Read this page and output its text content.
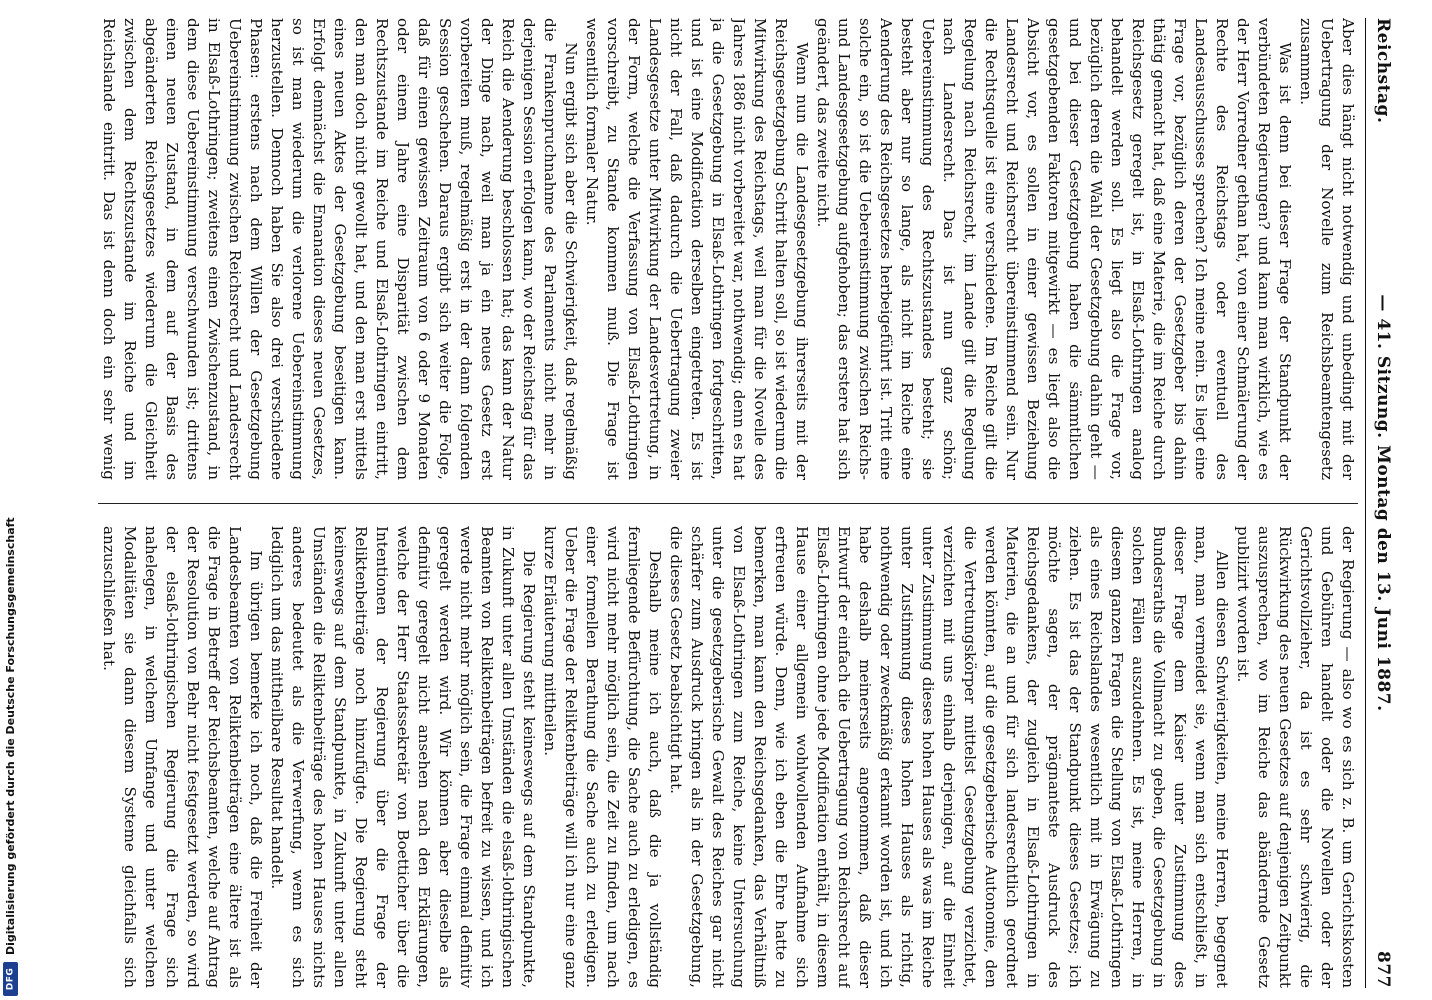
Reichstag.
— 41. Sitzung. Montag den 13. Juni 1887.
877

Aber dies hängt nicht notwendig und unbedingt mit der Uebertragung der Novelle zum Reichsbeamtengesetz zusammen.

Was ist denn bei dieser Frage der Standpunkt der verbündeten Regierungen? und kann man wirklich, wie es der Herr Vorredner gethan hat, von einer Schmälerung der Rechte des Reichstags oder eventuell des Landesausschusses sprechen? Ich meine nein. Es liegt eine Frage vor, bezüglich deren der Gesetzgeber bis dahin thätig gemacht hat, daß eine Materie, die im Reiche durch Reichsgesetz geregelt ist, in Elsaß-Lothringen analog behandelt werden soll. Es liegt also die Frage vor, bezüglich deren die Wahl der Gesetzgebung dahin geht — und bei dieser Gesetzgebung haben die sämmtlichen gesetzgebenden Faktoren mitgewirkt — es liegt also die Absicht vor, es sollen in einer gewissen Beziehung Landesrecht und Reichsrecht übereinstimmend sein. Nur die Rechtsquelle ist eine verschiedene. Im Reiche gilt die Regelung nach Reichsrecht, im Lande gilt die Regelung nach Landesrecht. Das ist nun ganz schön; Uebereinstimmung des Rechtszustandes besteht; sie besteht aber nur so lange, als nicht im Reiche eine Aenderung des Reichsgesetzes herbeigeführt ist. Tritt eine solche ein, so ist die Uebereinstimmung zwischen Reichs- und Landesgesetzgebung aufgehoben; das erstere hat sich geändert, das zweite nicht.

Wenn nun die Landesgesetzgebung ihrerseits mit der Reichsgesetzgebung Schritt halten soll, so ist wiederum die Mitwirkung des Reichstags, weil man für die Novelle des Jahres 1886 nicht vorbereitet war, nothwendig; denn es hat ja die Gesetzgebung in Elsaß-Lothringen fortgeschritten, und ist eine Modification derselben eingetreten. Es ist nicht der Fall, daß dadurch die Uebertragung zweier Landesgesetze unter Mitwirkung der Landesvertretung, in der Form, welche die Verfassung von Elsaß-Lothringen vorschreibt, zu Stande kommen muß. Die Frage ist wesentlich formaler Natur.

Nun ergibt sich aber die Schwierigkeit, daß regelmäßig die Frankenpruchnahme des Parlaments nicht mehr in derjenigen Session erfolgen kann, wo der Reichstag für das Reich die Aenderung beschlossen hat; das kann der Natur der Dinge nach, weil man ja ein neues Gesetz erst vorbereiten muß, regelmäßig erst in der dann folgenden Session geschehen. Daraus ergibt sich weiter die Folge, daß für einen gewissen Zeitraum von 6 oder 9 Monaten oder einem Jahre eine Disparität zwischen dem Rechtszustande im Reiche und Elsaß-Lothringen eintritt, den man doch nicht gewollt hat, und den man erst mittels eines neuen Aktes der Gesetzgebung beseitigen kann. Erfolgt demnächst die Emanation dieses neuen Gesetzes, so ist man wiederum die verlorene Uebereinstimmung herzustellen. Dennoch haben Sie also drei verschiedene Phasen: erstens nach dem Willen der Gesetzgebung Uebereinstimmung zwischen Reichsrecht und Landesrecht in Elsaß-Lothringen; zweitens einen Zwischenzustand, in dem diese Uebereinstimmung verschwunden ist; drittens einen neuen Zustand, in dem auf der Basis des abgeänderten Reichsgesetzes wiederum die Gleichheit zwischen dem Rechtszustande im Reiche und im Reichslande eintritt. Das ist denn doch ein sehr wenig

der Regierung — also wo es sich z. B. um Gerichtskosten und Gebühren handelt oder die Novellen oder der Gerichtsvollzieher, da ist es sehr schwierig, die Rückwirkung des neuen Gesetzes auf denjenigen Zeitpunkt auszusprechen, wo im Reiche das abändernde Gesetz publizirt worden ist.

Allen diesen Schwierigkeiten, meine Herren, begegnet man, man vermeidet sie, wenn man sich entschließt, in dieser Frage dem Kaiser unter Zustimmung des Bundesraths die Vollmacht zu geben, die Gesetzgebung in solchen Fällen auszudehnen. Es ist, meine Herren, in diesem ganzen Fragen die Stellung von Elsaß-Lothringen als eines Reichslandes wesentlich mit in Erwägung zu ziehen. Es ist das der Standpunkt dieses Gesetzes; ich möchte sagen, der prägnanteste Ausdruck des Reichsgedankens, der zugleich in Elsaß-Lothringen in Materien, die an und für sich landesrechtlich geordnet werden könnten, auf die gesetzgeberische Autonomie, den die Vertretungskörper mittelst Gesetzgebung verzichtet, verzichten mit uns einhalb derjenigen, auf die Einheit unter Zustimmung dieses hohen Hauses als was im Reiche unter Zustimmung dieses hohen Hauses als richtig, nothwendig oder zweckmäßig erkannt worden ist, und ich habe deshalb meinerseits angenommen, daß dieser Entwurf der einfach die Uebertragung von Reichsrecht auf Elsaß-Lothringen ohne jede Modification enthält, in diesem Hause einer allgemein wohlwollenden Aufnahme sich erfreuen würde. Denn, wie ich eben die Ehre hatte zu bemerken, man kann den Reichsgedanken, das Verhältniß von Elsaß-Lothringen zum Reiche, keine Untersuchung unter die gesetzgeberische Gewalt des Reiches gar nicht schärfer zum Ausdruck bringen als in der Gesetzgebung, die dieses Gesetz beabsichtigt hat.

Deshalb meine ich auch, daß die ja vollständig fernliegende Befürchtung, die Sache auch zu erledigen, es wird nicht mehr möglich sein, die Zeit zu finden, um nach einer formellen Berathung die Sache auch zu erledigen. Ueber die Frage der Reliktenbeiträge will ich nur eine ganz kurze Erläuterung mittheilen.

Die Regierung steht keineswegs auf dem Standpunkte, in Zukunft unter allen Umständen die elsaß-lothringischen Beamten von Reliktenbeiträgen befreit zu wissen, und ich werde nicht mehr möglich sein, die Frage einmal definitiv geregelt werden wird. Wir können aber dieselbe als definitiv geregelt nicht ansehen nach den Erklärungen, welche der Herr Staatssekretär von Boetticher über die Intentionen der Regierung über die Frage der Reliktenbeiträge noch hinzufügte. Die Regierung steht keineswegs auf dem Standpunkte, in Zukunft unter allen Umständen die Reliktenbeiträge des hohen Hauses nichts anderes bedeutet als die Verwerfung, wenn es sich lediglich um das mittheilbare Resultat handelt.

Im übrigen bemerke ich noch, daß die Freiheit der Landesbeamten von Reliktenbeiträgen eine ältere ist als die Frage in Betreff der Reichsbeamten, welche auf Antrag der Resolution von Behr nicht festgesetzt werden, so wird der elsaß-lothringischen Regierung die Frage sich nahelegen, in welchem Umfange und unter welchen Modalitäten sie dann diesem Systeme gleichfalls sich anzuschließen hat.

Digitalisierung gefördert durch die Deutsche Forschungsgemeinschaft
DFG
